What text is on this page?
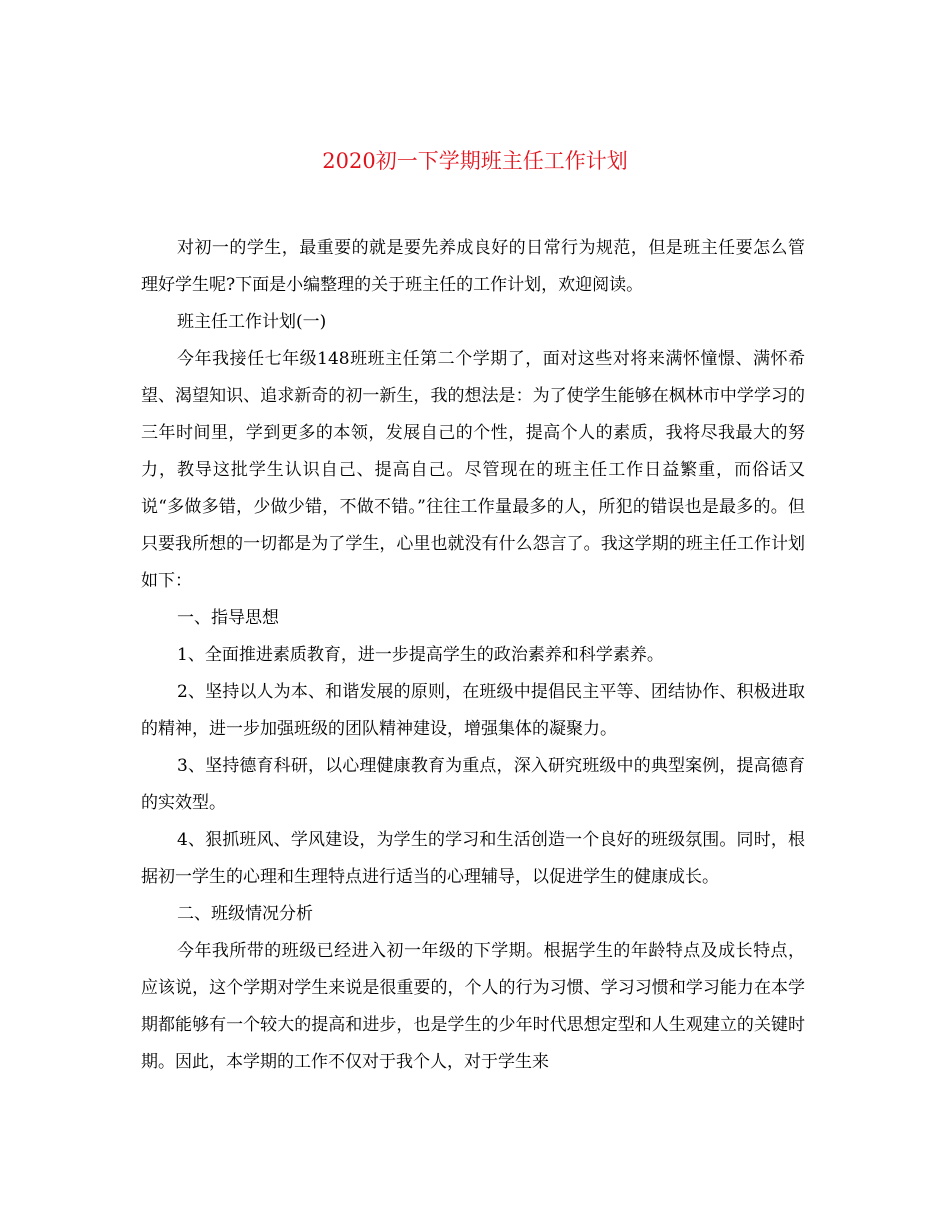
2020初一下学期班主任工作计划

对初一的学生，最重要的就是要先养成良好的日常行为规范，但是班主任要怎么管理好学生呢?下面是小编整理的关于班主任的工作计划，欢迎阅读。

班主任工作计划(一)

今年我接任七年级148班班主任第二个学期了，面对这些对将来满怀憧憬、满怀希望、渴望知识、追求新奇的初一新生，我的想法是：为了使学生能够在枫林市中学学习的三年时间里，学到更多的本领，发展自己的个性，提高个人的素质，我将尽我最大的努力，教导这批学生认识自己、提高自己。尽管现在的班主任工作日益繁重，而俗话又说“多做多错，少做少错，不做不错。”往往工作量最多的人，所犯的错误也是最多的。但只要我所想的一切都是为了学生，心里也就没有什么怨言了。我这学期的班主任工作计划如下：

一、指导思想

1、全面推进素质教育，进一步提高学生的政治素养和科学素养。

2、坚持以人为本、和谐发展的原则，在班级中提倡民主平等、团结协作、积极进取的精神，进一步加强班级的团队精神建设，增强集体的凝聚力。

3、坚持德育科研，以心理健康教育为重点，深入研究班级中的典型案例，提高德育的实效型。

4、狠抓班风、学风建设，为学生的学习和生活创造一个良好的班级氛围。同时，根据初一学生的心理和生理特点进行适当的心理辅导，以促进学生的健康成长。

二、班级情况分析

今年我所带的班级已经进入初一年级的下学期。根据学生的年龄特点及成长特点，应该说，这个学期对学生来说是很重要的，个人的行为习惯、学习习惯和学习能力在本学期都能够有一个较大的提高和进步，也是学生的少年时代思想定型和人生观建立的关键时期。因此，本学期的工作不仅对于我个人，对于学生来
